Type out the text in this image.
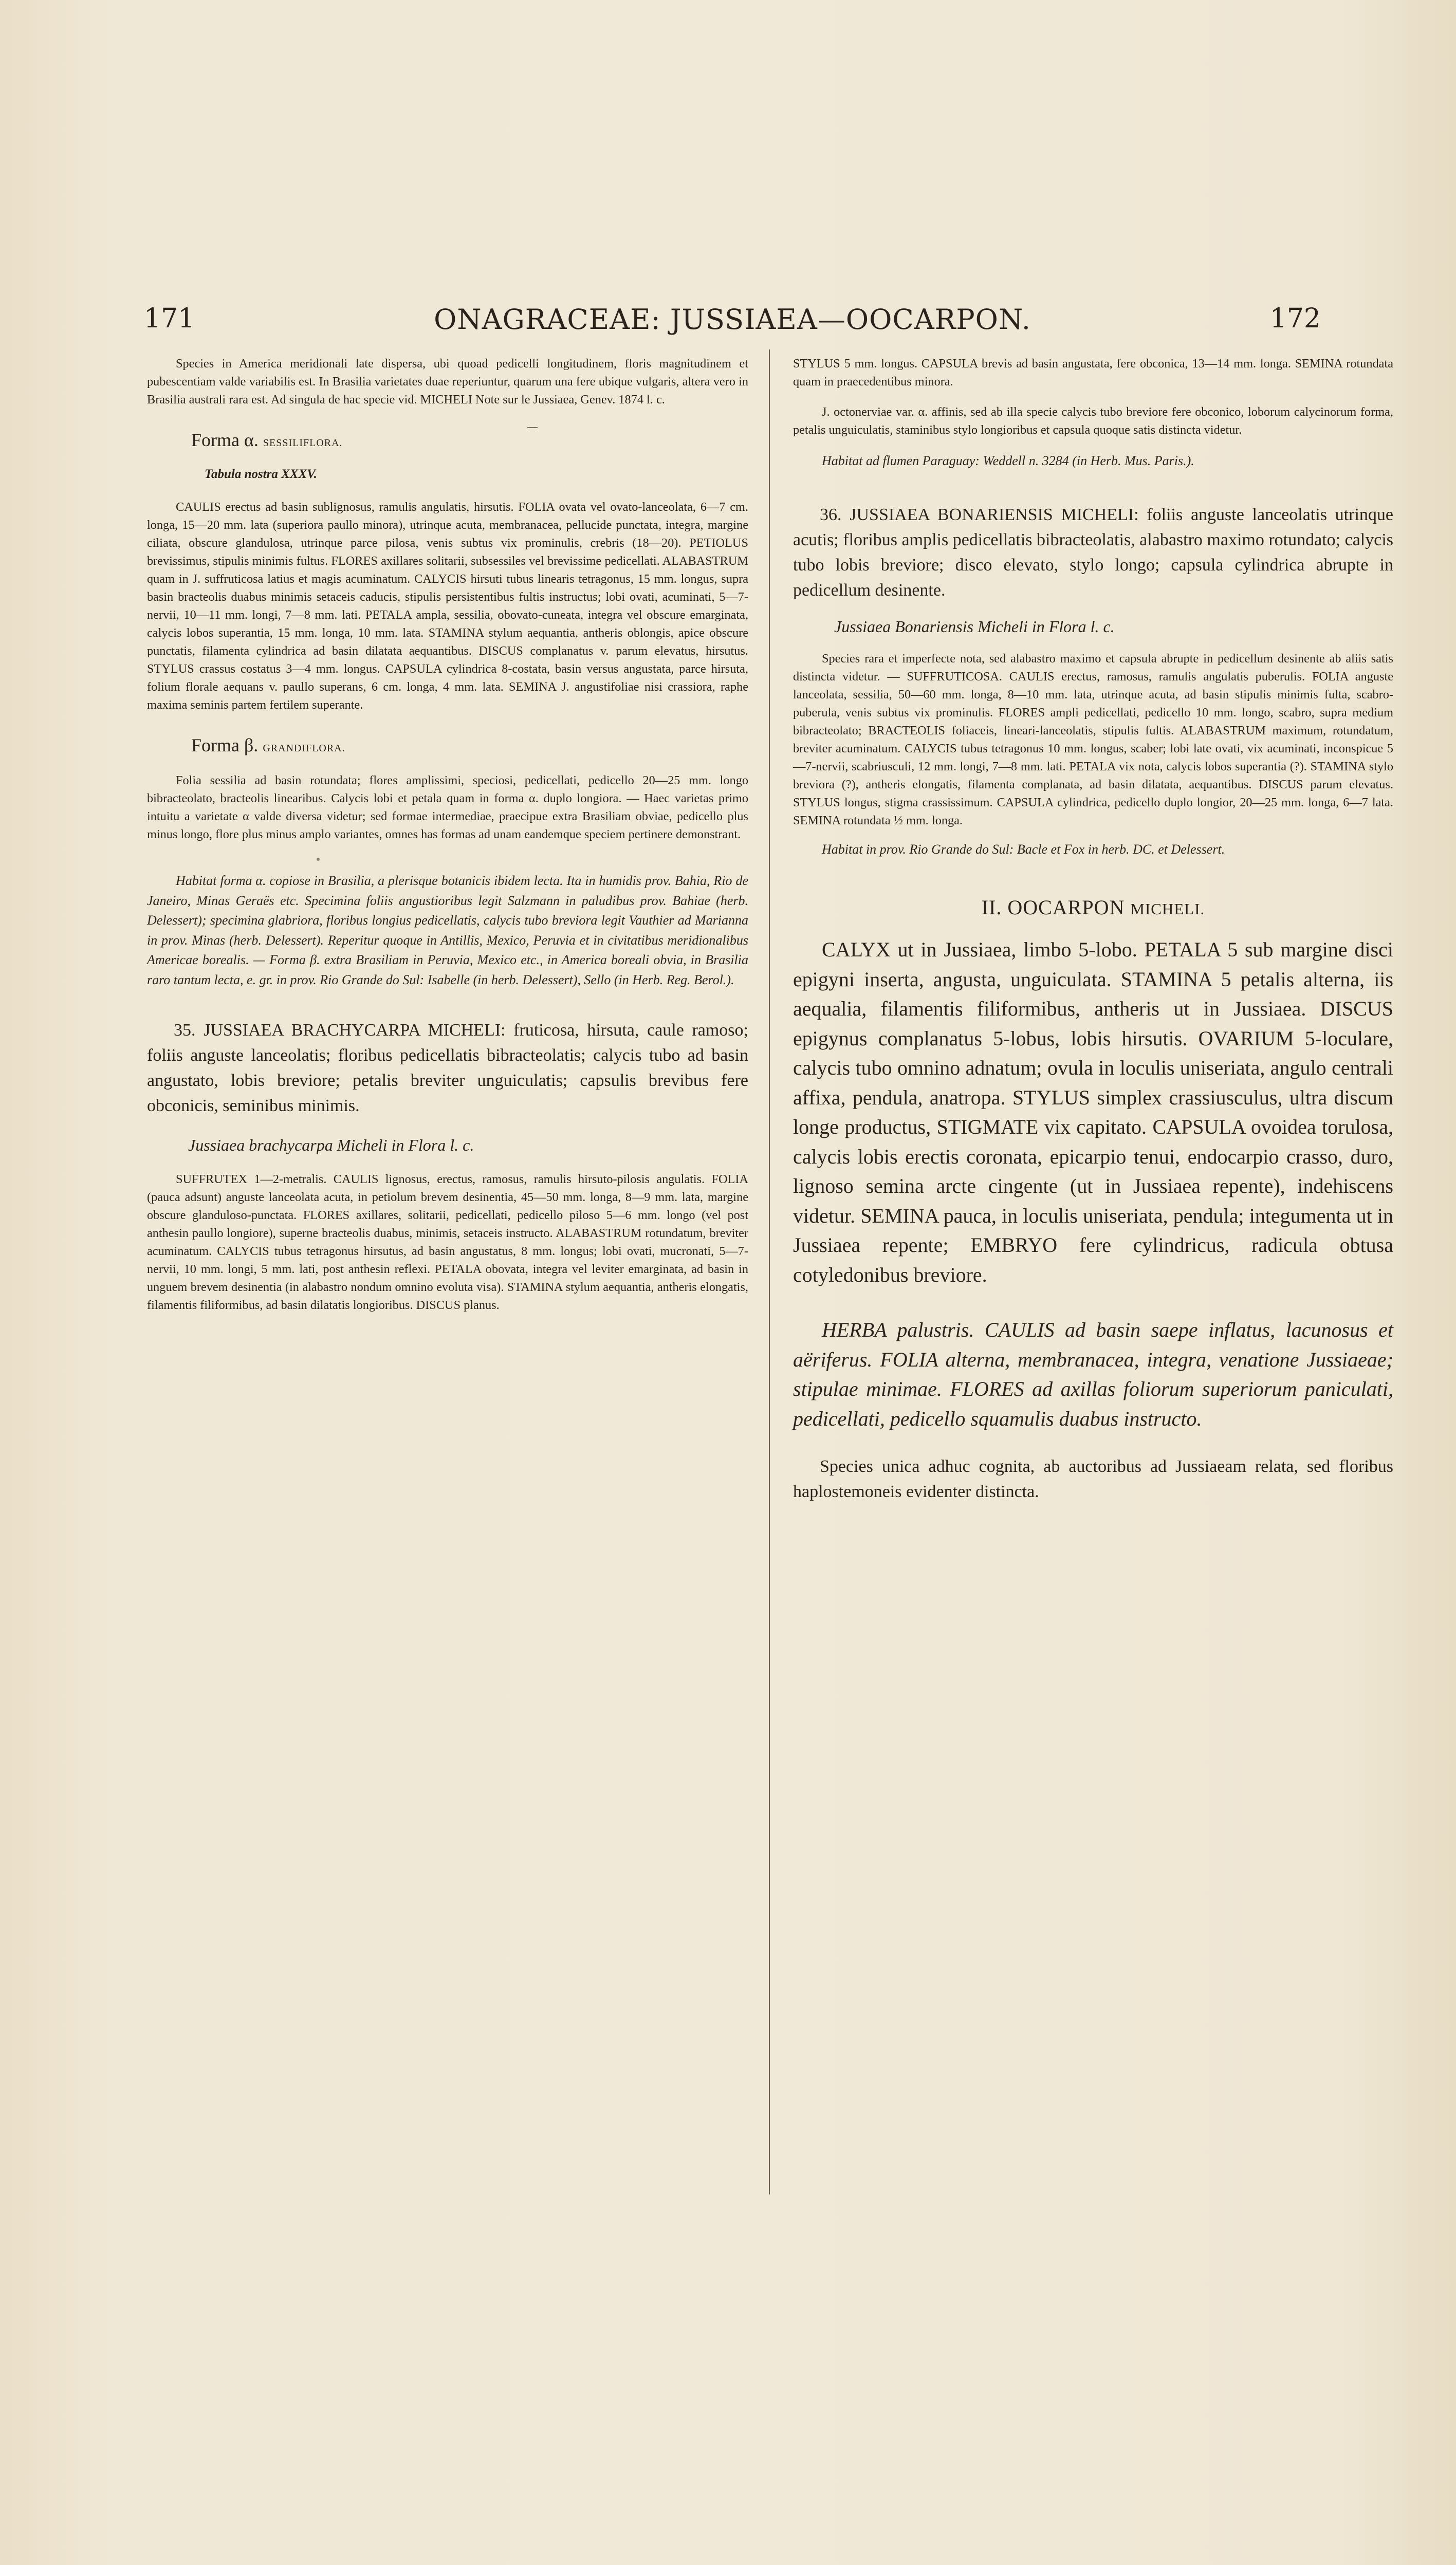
171	ONAGRACEAE: JUSSIAEA—OOCARPON.	172

Species in America meridionali late dispersa, ubi quoad pedicelli longitudinem, floris magnitudinem et pubescentiam valde variabilis est. In Brasilia varietates duae reperiuntur, quarum una fere ubique vulgaris, altera vero in Brasilia australi rara est. Ad singula de hac specie vid. MICHELI Note sur le Jussiaea, Genev. 1874 l. c.

Forma α. SESSILIFLORA.
Tabula nostra XXXV.

CAULIS erectus ad basin sublignosus, ramulis angulatis, hirsutis. FOLIA ovata vel ovato-lanceolata, 6—7 cm. longa, 15—20 mm. lata (superiora paullo minora), utrinque acuta, membranacea, pellucide punctata, integra, margine ciliata, obscure glandulosa, utrinque parce pilosa, venis subtus vix prominulis, crebris (18—20). PETIOLUS brevissimus, stipulis minimis fultus. FLORES axillares solitarii, subsessiles vel brevissime pedicellati. ALABASTRUM quam in J. suffruticosa latius et magis acuminatum. CALYCIS hirsuti tubus linearis tetragonus, 15 mm. longus, supra basin bracteolis duabus minimis setaceis caducis, stipulis persistentibus fultis instructus; lobi ovati, acuminati, 5—7-nervii, 10—11 mm. longi, 7—8 mm. lati. PETALA ampla, sessilia, obovato-cuneata, integra vel obscure emarginata, calycis lobos superantia, 15 mm. longa, 10 mm. lata. STAMINA stylum aequantia, antheris oblongis, apice obscure punctatis, filamenta cylindrica ad basin dilatata aequantibus. DISCUS complanatus v. parum elevatus, hirsutus. STYLUS crassus costatus 3—4 mm. longus. CAPSULA cylindrica 8-costata, basin versus angustata, parce hirsuta, folium florale aequans v. paullo superans, 6 cm. longa, 4 mm. lata. SEMINA J. angustifoliae nisi crassiora, raphe maxima seminis partem fertilem superante.

Forma β. GRANDIFLORA.

Folia sessilia ad basin rotundata; flores amplissimi, speciosi, pedicellati, pedicello 20—25 mm. longo bibracteolato, bracteolis linearibus. Calycis lobi et petala quam in forma α. duplo longiora. — Haec varietas primo intuitu a varietate α valde diversa videtur; sed formae intermediae, praecipue extra Brasiliam obviae, pedicello plus minus longo, flore plus minus amplo variantes, omnes has formas ad unam eandemque speciem pertinere demonstrant.

Habitat forma α. copiose in Brasilia, a plerisque botanicis ibidem lecta. Ita in humidis prov. Bahia, Rio de Janeiro, Minas Geraës etc. Specimina foliis angustioribus legit Salzmann in paludibus prov. Bahiae (herb. Delessert); specimina glabriora, floribus longius pedicellatis, calycis tubo breviora legit Vauthier ad Marianna in prov. Minas (herb. Delessert). Reperitur quoque in Antillis, Mexico, Peruvia et in civitatibus meridionalibus Americae borealis. — Forma β. extra Brasiliam in Peruvia, Mexico etc., in America boreali obvia, in Brasilia raro tantum lecta, e. gr. in prov. Rio Grande do Sul: Isabelle (in herb. Delessert), Sello (in Herb. Reg. Berol.).

35. JUSSIAEA BRACHYCARPA MICHELI: fruticosa, hirsuta, caule ramoso; foliis anguste lanceolatis; floribus pedicellatis bibracteolatis; calycis tubo ad basin angustato, lobis breviore; petalis breviter unguiculatis; capsulis brevibus fere obconicis, seminibus minimis.

Jussiaea brachycarpa Micheli in Flora l. c.

SUFFRUTEX 1—2-metralis. CAULIS lignosus, erectus, ramosus, ramulis hirsuto-pilosis angulatis. FOLIA (pauca adsunt) anguste lanceolata acuta, in petiolum brevem desinentia, 45—50 mm. longa, 8—9 mm. lata, margine obscure glanduloso-punctata. FLORES axillares, solitarii, pedicellati, pedicello piloso 5—6 mm. longo (vel post anthesin paullo longiore), superne bracteolis duabus, minimis, setaceis instructo. ALABASTRUM rotundatum, breviter acuminatum. CALYCIS tubus tetragonus hirsutus, ad basin angustatus, 8 mm. longus; lobi ovati, mucronati, 5—7-nervii, 10 mm. longi, 5 mm. lati, post anthesin reflexi. PETALA obovata, integra vel leviter emarginata, ad basin in unguem brevem desinentia (in alabastro nondum omnino evoluta visa). STAMINA stylum aequantia, antheris elongatis, filamentis filiformibus, ad basin dilatatis longioribus. DISCUS planus.

STYLUS 5 mm. longus. CAPSULA brevis ad basin angustata, fere obconica, 13—14 mm. longa. SEMINA rotundata quam in praecedentibus minora.

J. octonerviae var. α. affinis, sed ab illa specie calycis tubo breviore fere obconico, loborum calycinorum forma, petalis unguiculatis, staminibus stylo longioribus et capsula quoque satis distincta videtur.

Habitat ad flumen Paraguay: Weddell n. 3284 (in Herb. Mus. Paris.).

36. JUSSIAEA BONARIENSIS MICHELI: foliis anguste lanceolatis utrinque acutis; floribus amplis pedicellatis bibracteolatis, alabastro maximo rotundato; calycis tubo lobis breviore; disco elevato, stylo longo; capsula cylindrica abrupte in pedicellum desinente.

Jussiaea Bonariensis Micheli in Flora l. c.

Species rara et imperfecte nota, sed alabastro maximo et capsula abrupte in pedicellum desinente ab aliis satis distincta videtur. — SUFFRUTICOSA. CAULIS erectus, ramosus, ramulis angulatis puberulis. FOLIA anguste lanceolata, sessilia, 50—60 mm. longa, 8—10 mm. lata, utrinque acuta, ad basin stipulis minimis fulta, scabro-puberula, venis subtus vix prominulis. FLORES ampli pedicellati, pedicello 10 mm. longo, scabro, supra medium bibracteolato; BRACTEOLIS foliaceis, lineari-lanceolatis, stipulis fultis. ALABASTRUM maximum, rotundatum, breviter acuminatum. CALYCIS tubus tetragonus 10 mm. longus, scaber; lobi late ovati, vix acuminati, inconspicue 5—7-nervii, scabriusculi, 12 mm. longi, 7—8 mm. lati. PETALA vix nota, calycis lobos superantia (?). STAMINA stylo breviora (?), antheris elongatis, filamenta complanata, ad basin dilatata, aequantibus. DISCUS parum elevatus. STYLUS longus, stigma crassissimum. CAPSULA cylindrica, pedicello duplo longior, 20—25 mm. longa, 6—7 lata. SEMINA rotundata ½ mm. longa.

Habitat in prov. Rio Grande do Sul: Bacle et Fox in herb. DC. et Delessert.

II. OOCARPON MICHELI.

CALYX ut in Jussiaea, limbo 5-lobo. PETALA 5 sub margine disci epigyni inserta, angusta, unguiculata. STAMINA 5 petalis alterna, iis aequalia, filamentis filiformibus, antheris ut in Jussiaea. DISCUS epigynus complanatus 5-lobus, lobis hirsutis. OVARIUM 5-loculare, calycis tubo omnino adnatum; ovula in loculis uniseriata, angulo centrali affixa, pendula, anatropa. STYLUS simplex crassiusculus, ultra discum longe productus, STIGMATE vix capitato. CAPSULA ovoidea torulosa, calycis lobis erectis coronata, epicarpio tenui, endocarpio crasso, duro, lignoso semina arcte cingente (ut in Jussiaea repente), indehiscens videtur. SEMINA pauca, in loculis uniseriata, pendula; integumenta ut in Jussiaea repente; EMBRYO fere cylindricus, radicula obtusa cotyledonibus breviore.

HERBA palustris. CAULIS ad basin saepe inflatus, lacunosus et aëriferus. FOLIA alterna, membranacea, integra, venatione Jussiaeae; stipulae minimae. FLORES ad axillas foliorum superiorum paniculati, pedicellati, pedicello squamulis duabus instructo.

Species unica adhuc cognita, ab auctoribus ad Jussiaeam relata, sed floribus haplostemoneis evidenter distincta.
